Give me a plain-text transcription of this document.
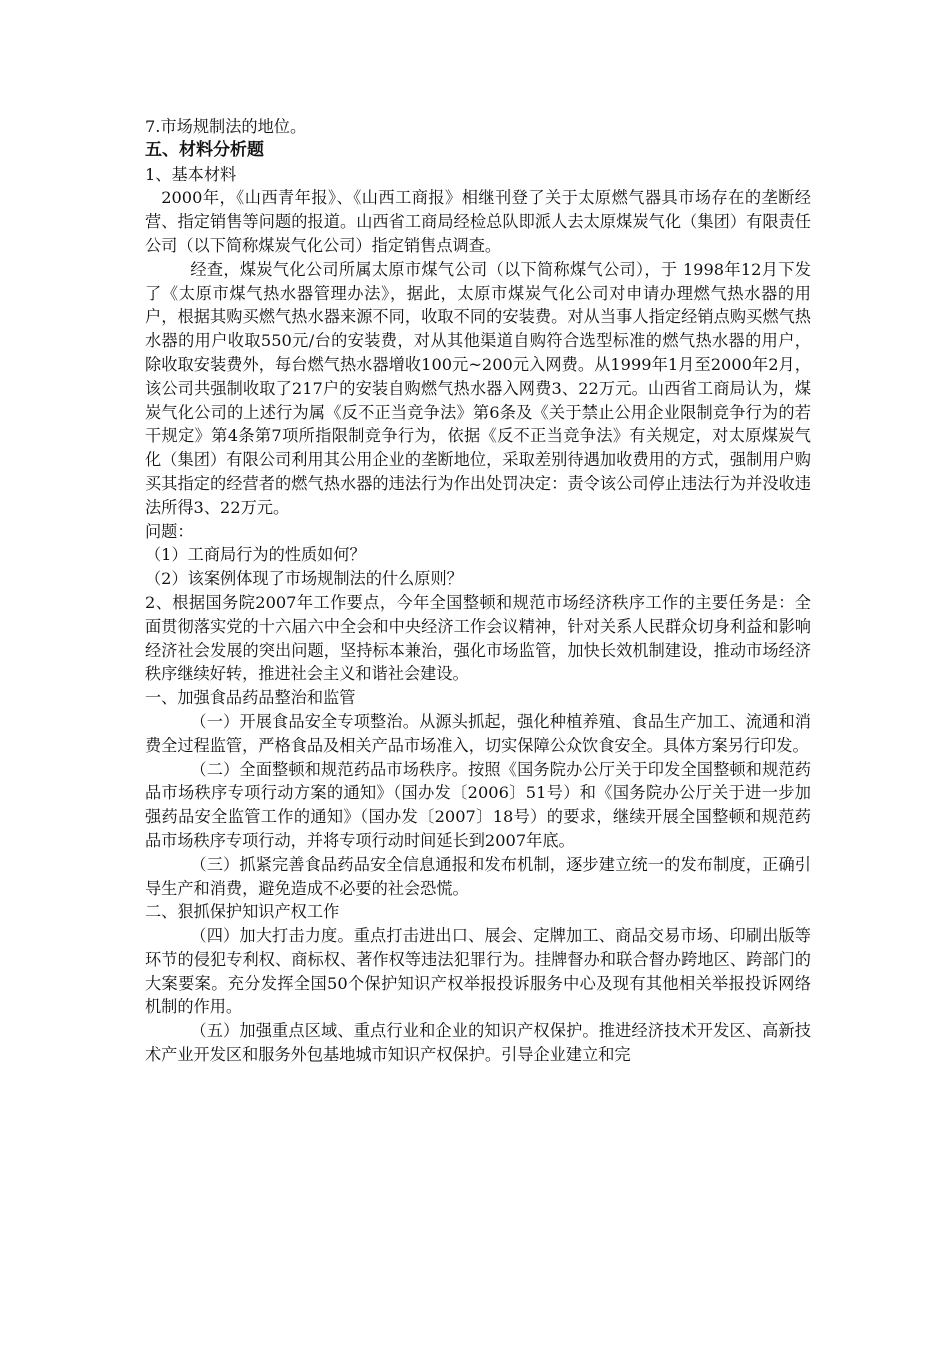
7.市场规制法的地位。

五、材料分析题

1、基本材料

2000年，《山西青年报》、《山西工商报》相继刊登了关于太原燃气器具市场存在的垄断经营、指定销售等问题的报道。山西省工商局经检总队即派人去太原煤炭气化（集团）有限责任公司（以下简称煤炭气化公司）指定销售点调查。

经查，煤炭气化公司所属太原市煤气公司（以下简称煤气公司），于 1998年12月下发了《太原市煤气热水器管理办法》，据此，太原市煤炭气化公司对申请办理燃气热水器的用户，根据其购买燃气热水器来源不同，收取不同的安装费。对从当事人指定经销点购买燃气热水器的用户收取550元/台的安装费，对从其他渠道自购符合选型标准的燃气热水器的用户，除收取安装费外，每台燃气热水器增收100元~200元入网费。从1999年1月至2000年2月，该公司共强制收取了217户的安装自购燃气热水器入网费3、22万元。山西省工商局认为，煤炭气化公司的上述行为属《反不正当竞争法》第6条及《关于禁止公用企业限制竞争行为的若干规定》第4条第7项所指限制竞争行为，依据《反不正当竞争法》有关规定，对太原煤炭气化（集团）有限公司利用其公用企业的垄断地位，采取差别待遇加收费用的方式，强制用户购买其指定的经营者的燃气热水器的违法行为作出处罚决定：责令该公司停止违法行为并没收违法所得3、22万元。

问题：

（1）工商局行为的性质如何？

（2）该案例体现了市场规制法的什么原则？

2、根据国务院2007年工作要点，今年全国整顿和规范市场经济秩序工作的主要任务是：全面贯彻落实党的十六届六中全会和中央经济工作会议精神，针对关系人民群众切身利益和影响经济社会发展的突出问题，坚持标本兼治，强化市场监管，加快长效机制建设，推动市场经济秩序继续好转，推进社会主义和谐社会建设。

一、加强食品药品整治和监管

（一）开展食品安全专项整治。从源头抓起，强化种植养殖、食品生产加工、流通和消费全过程监管，严格食品及相关产品市场准入，切实保障公众饮食安全。具体方案另行印发。

（二）全面整顿和规范药品市场秩序。按照《国务院办公厅关于印发全国整顿和规范药品市场秩序专项行动方案的通知》（国办发〔2006〕51号）和《国务院办公厅关于进一步加强药品安全监管工作的通知》（国办发〔2007〕18号）的要求，继续开展全国整顿和规范药品市场秩序专项行动，并将专项行动时间延长到2007年底。

（三）抓紧完善食品药品安全信息通报和发布机制，逐步建立统一的发布制度，正确引导生产和消费，避免造成不必要的社会恐慌。

二、狠抓保护知识产权工作

（四）加大打击力度。重点打击进出口、展会、定牌加工、商品交易市场、印刷出版等环节的侵犯专利权、商标权、著作权等违法犯罪行为。挂牌督办和联合督办跨地区、跨部门的大案要案。充分发挥全国50个保护知识产权举报投诉服务中心及现有其他相关举报投诉网络机制的作用。

（五）加强重点区域、重点行业和企业的知识产权保护。推进经济技术开发区、高新技术产业开发区和服务外包基地城市知识产权保护。引导企业建立和完
